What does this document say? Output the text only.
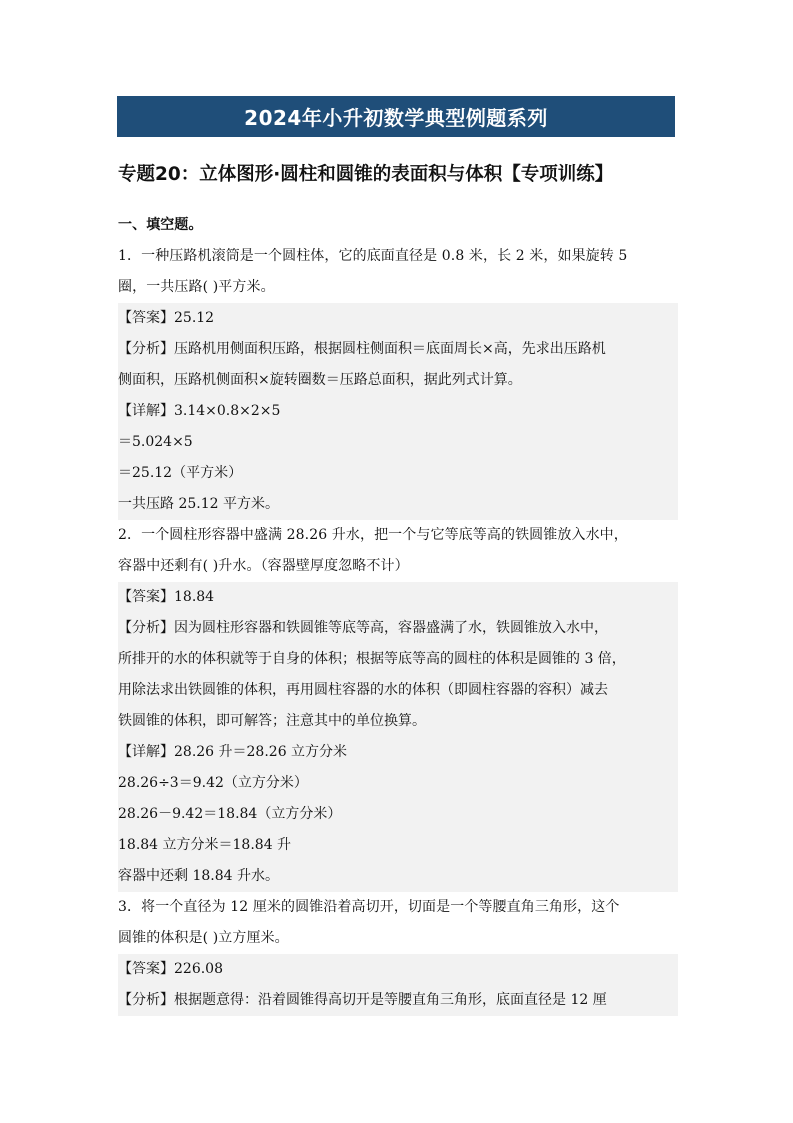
2024年小升初数学典型例题系列
专题20：立体图形·圆柱和圆锥的表面积与体积【专项训练】
一、填空题。
1．一种压路机滚筒是一个圆柱体，它的底面直径是 0.8 米，长 2 米，如果旋转 5
圈，一共压路( )平方米。
【答案】25.12
【分析】压路机用侧面积压路，根据圆柱侧面积＝底面周长×高，先求出压路机
侧面积，压路机侧面积×旋转圈数＝压路总面积，据此列式计算。
【详解】3.14×0.8×2×5
＝5.024×5
＝25.12（平方米）
一共压路 25.12 平方米。
2．一个圆柱形容器中盛满 28.26 升水，把一个与它等底等高的铁圆锥放入水中，
容器中还剩有( )升水。（容器壁厚度忽略不计）
【答案】18.84
【分析】因为圆柱形容器和铁圆锥等底等高，容器盛满了水，铁圆锥放入水中，
所排开的水的体积就等于自身的体积；根据等底等高的圆柱的体积是圆锥的 3 倍，
用除法求出铁圆锥的体积，再用圆柱容器的水的体积（即圆柱容器的容积）减去
铁圆锥的体积，即可解答；注意其中的单位换算。
【详解】28.26 升＝28.26 立方分米
28.26÷3＝9.42（立方分米）
28.26－9.42＝18.84（立方分米）
18.84 立方分米＝18.84 升
容器中还剩 18.84 升水。
3．将一个直径为 12 厘米的圆锥沿着高切开，切面是一个等腰直角三角形，这个
圆锥的体积是( )立方厘米。
【答案】226.08
【分析】根据题意得：沿着圆锥得高切开是等腰直角三角形，底面直径是 12 厘
